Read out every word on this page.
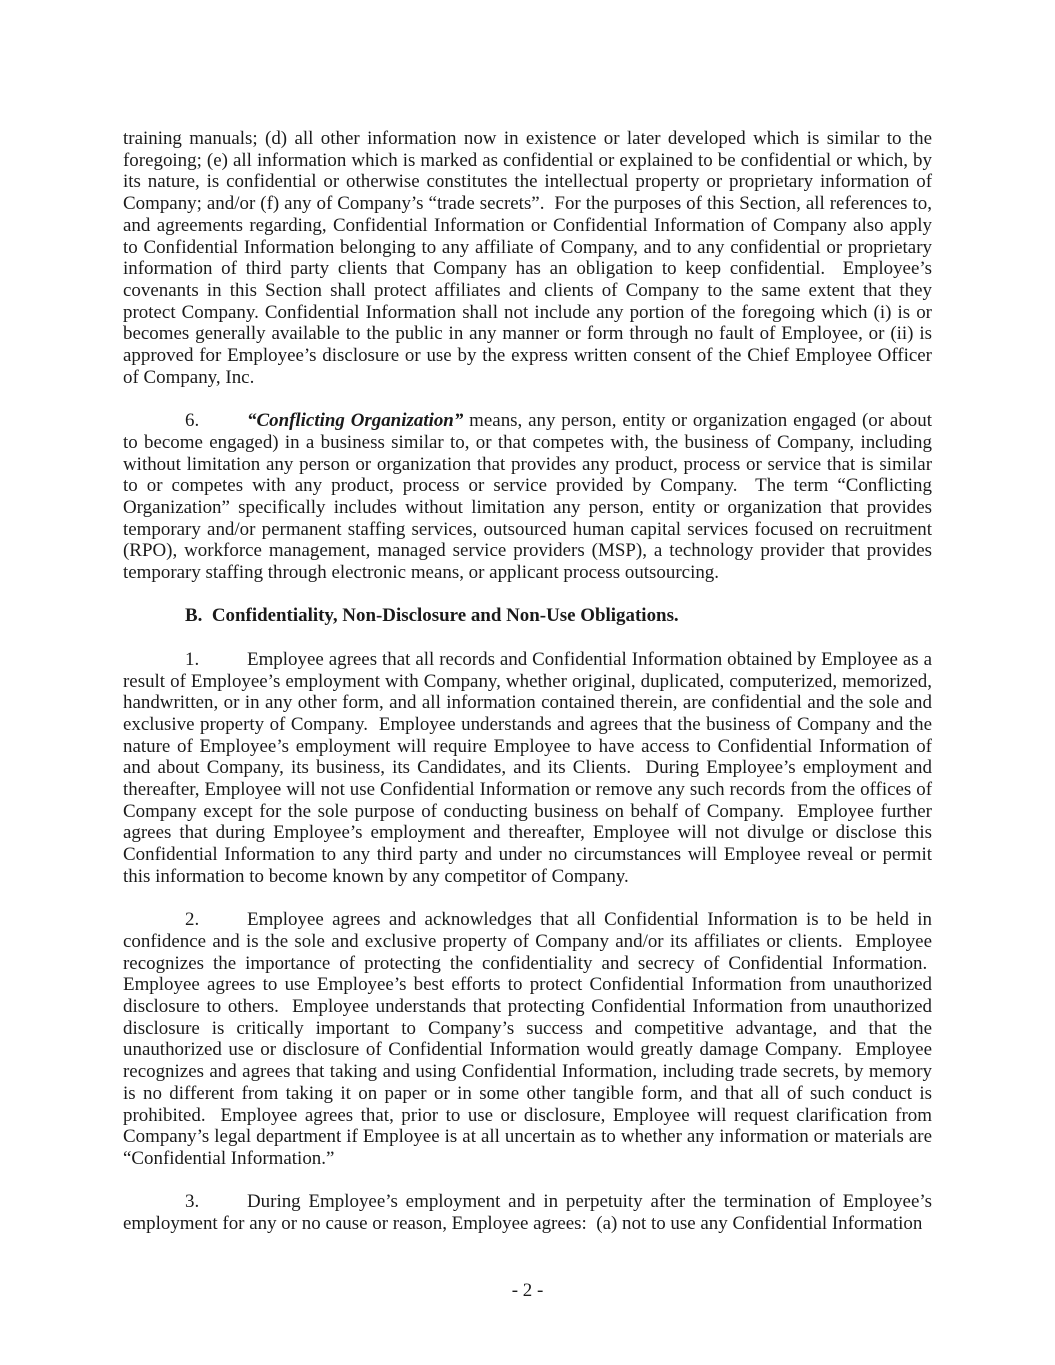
training manuals; (d) all other information now in existence or later developed which is similar to the foregoing; (e) all information which is marked as confidential or explained to be confidential or which, by its nature, is confidential or otherwise constitutes the intellectual property or proprietary information of Company; and/or (f) any of Company’s “trade secrets”.  For the purposes of this Section, all references to, and agreements regarding, Confidential Information or Confidential Information of Company also apply to Confidential Information belonging to any affiliate of Company, and to any confidential or proprietary information of third party clients that Company has an obligation to keep confidential.  Employee’s covenants in this Section shall protect affiliates and clients of Company to the same extent that they protect Company. Confidential Information shall not include any portion of the foregoing which (i) is or becomes generally available to the public in any manner or form through no fault of Employee, or (ii) is approved for Employee’s disclosure or use by the express written consent of the Chief Employee Officer of Company, Inc.

6.	“Conflicting Organization” means, any person, entity or organization engaged (or about to become engaged) in a business similar to, or that competes with, the business of Company, including without limitation any person or organization that provides any product, process or service that is similar to or competes with any product, process or service provided by Company.  The term “Conflicting Organization” specifically includes without limitation any person, entity or organization that provides temporary and/or permanent staffing services, outsourced human capital services focused on recruitment (RPO), workforce management, managed service providers (MSP), a technology provider that provides temporary staffing through electronic means, or applicant process outsourcing.

B.  Confidentiality, Non-Disclosure and Non-Use Obligations.

1.	Employee agrees that all records and Confidential Information obtained by Employee as a result of Employee’s employment with Company, whether original, duplicated, computerized, memorized, handwritten, or in any other form, and all information contained therein, are confidential and the sole and exclusive property of Company.  Employee understands and agrees that the business of Company and the nature of Employee’s employment will require Employee to have access to Confidential Information of and about Company, its business, its Candidates, and its Clients.  During Employee’s employment and thereafter, Employee will not use Confidential Information or remove any such records from the offices of Company except for the sole purpose of conducting business on behalf of Company.  Employee further agrees that during Employee’s employment and thereafter, Employee will not divulge or disclose this Confidential Information to any third party and under no circumstances will Employee reveal or permit this information to become known by any competitor of Company.

2.	Employee agrees and acknowledges that all Confidential Information is to be held in confidence and is the sole and exclusive property of Company and/or its affiliates or clients.  Employee recognizes the importance of protecting the confidentiality and secrecy of Confidential Information.  Employee agrees to use Employee’s best efforts to protect Confidential Information from unauthorized disclosure to others.  Employee understands that protecting Confidential Information from unauthorized disclosure is critically important to Company’s success and competitive advantage, and that the unauthorized use or disclosure of Confidential Information would greatly damage Company.  Employee recognizes and agrees that taking and using Confidential Information, including trade secrets, by memory is no different from taking it on paper or in some other tangible form, and that all of such conduct is prohibited.  Employee agrees that, prior to use or disclosure, Employee will request clarification from Company’s legal department if Employee is at all uncertain as to whether any information or materials are “Confidential Information.”

3.	During Employee’s employment and in perpetuity after the termination of Employee’s employment for any or no cause or reason, Employee agrees:  (a) not to use any Confidential Information

- 2 -
